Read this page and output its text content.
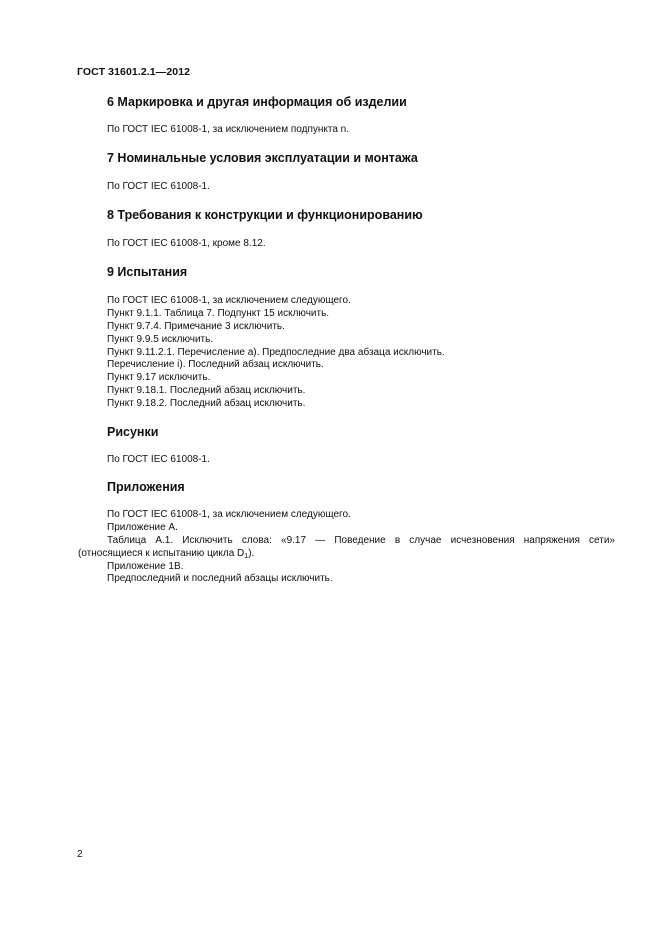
ГОСТ 31601.2.1—2012
6 Маркировка и другая информация об изделии
По ГОСТ IEC 61008-1, за исключением подпункта n.
7 Номинальные условия эксплуатации и монтажа
По ГОСТ IEC 61008-1.
8 Требования к конструкции и функционированию
По ГОСТ IEC 61008-1, кроме 8.12.
9 Испытания
По ГОСТ IEC 61008-1, за исключением следующего.
Пункт 9.1.1. Таблица 7. Подпункт 15 исключить.
Пункт 9.7.4. Примечание 3 исключить.
Пункт 9.9.5 исключить.
Пункт 9.11.2.1. Перечисление а). Предпоследние два абзаца исключить.
Перечисление i). Последний абзац исключить.
Пункт 9.17 исключить.
Пункт 9.18.1. Последний абзац исключить.
Пункт 9.18.2. Последний абзац исключить.
Рисунки
По ГОСТ IEC 61008-1.
Приложения
По ГОСТ IEC 61008-1, за исключением следующего.
Приложение А.
Таблица А.1. Исключить слова: «9.17 — Поведение в случае исчезновения напряжения сети»
(относящиеся к испытанию цикла $D_1$).
Приложение 1В.
Предпоследний и последний абзацы исключить.
2
